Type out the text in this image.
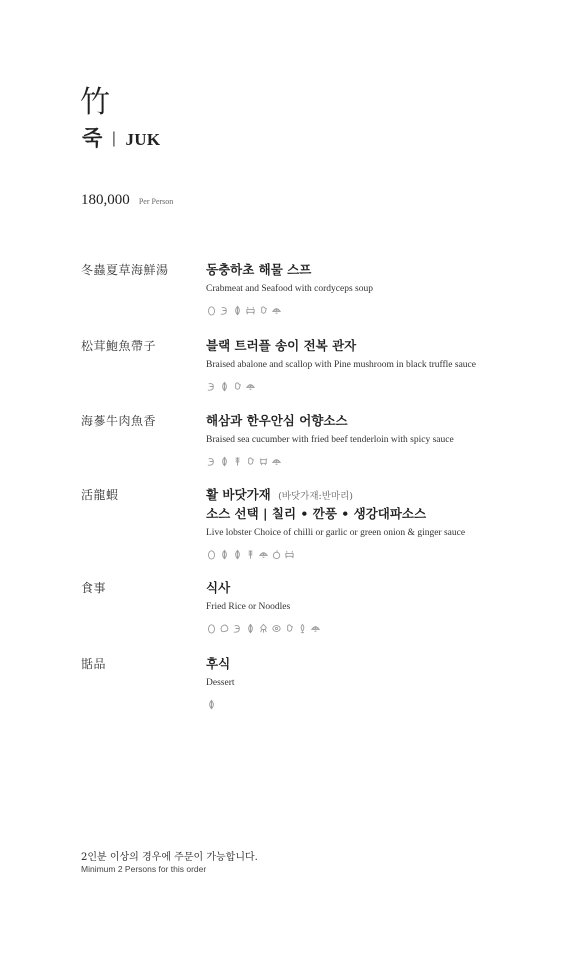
竹
죽 | JUK
180,000 Per Person
冬蟲夏草海鮮湯	동충하초 해물 스프
Crabmeat and Seafood with cordyceps soup
松茸鮑魚帶子	블랙 트러플 송이 전복 관자
Braised abalone and scallop with Pine mushroom in black truffle sauce
海蔘牛肉魚香	해삼과 한우안심 어향소스
Braised sea cucumber with fried beef tenderloin with spicy sauce
活龍蝦	활 바닷가재 (바닷가재:반마리)
소스 선택 | 칠리 • 깐풍 • 생강대파소스
Live lobster Choice of chilli or garlic or green onion & ginger sauce
食事	식사
Fried Rice or Noodles
甛品	후식
Dessert
2인분 이상의 경우에 주문이 가능합니다.
Minimum 2 Persons for this order
